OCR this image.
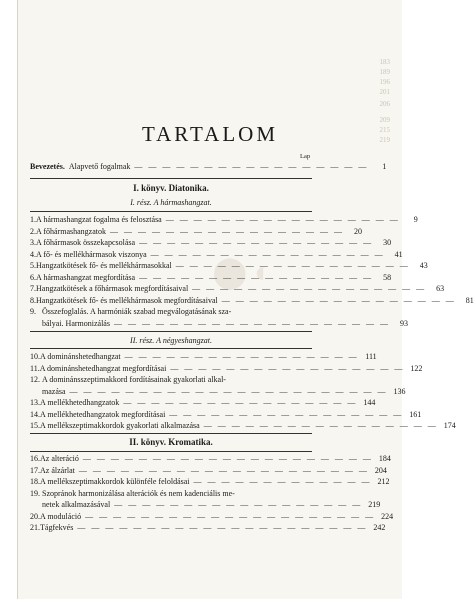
183
189
196
201
206
209
215
219
TARTALOM
Lap
⬤ ◐
Bevezetés. Alapvető fogalmak — — — — — — — — — — — — — — — — —	1
I. könyv. Diatonika.
I. rész. A hármashangzat.
1. A hármashangzat fogalma és felosztása — — — — — — — — — — — — — — — — —	9
2. A főhármashangzatok — — — — — — — — — — — — — — — — —	20
3. A főhármasok összekapcsolása — — — — — — — — — — — — — — — — —	30
4. A fő- és mellékhármasok viszonya — — — — — — — — — — — — — — — — —	41
5. Hangzatkötések fő- és mellékhármasokkal — — — — — — — — — — — — — — — — —	43
6. A hármashangzat megfordítása — — — — — — — — — — — — — — — — —	58
7. Hangzatkötések a főhármasok megfordításaival — — — — — — — — — — — — — — — — —	63
8. Hangzatkötések fő- és mellékhármasok megfordításaival — — — — — — — — — — — — — — — — —	81
9. Összefoglalás. A harmóniák szabad megválogatásának sza-
bályai. Harmonizálás — — — — — — — — — — — — — — — — — — — —	93
II. rész. A négyeshangzat.
10. A dominánshetedhangzat — — — — — — — — — — — — — — — — — 111
11. A dominánshetedhangzat megfordításai — — — — — — — — — — — — — — — — — 122
12. A dominánsszeptimakkord fordításainak gyakorlati alkal-
mazása — — — — — — — — — — — — — — — — — — — — — — — 136
13. A mellékhetedhangzatok — — — — — — — — — — — — — — — — — 144
14. A mellékhetedhangzatok megfordításai — — — — — — — — — — — — — — — — — 161
15. A mellékszeptimakkordok gyakorlati alkalmazása — — — — — — — — — — — — — — — — — 174
II. könyv. Kromatika.
16. Az alteráció — — — — — — — — — — — — — — — — — — — — — 184
17. Az álzárlat — — — — — — — — — — — — — — — — — — — — — 204
18. A mellékszeptimakkordok különféle feloldásai — — — — — — — — — — — — — 212
19. Szopránok harmonizálása alterációk és nem kadenciális me-
netek alkalmazásával — — — — — — — — — — — — — — — — — — 219
20. A moduláció — — — — — — — — — — — — — — — — — — — — — 224
21. Tágfekvés — — — — — — — — — — — — — — — — — — — — — 242
